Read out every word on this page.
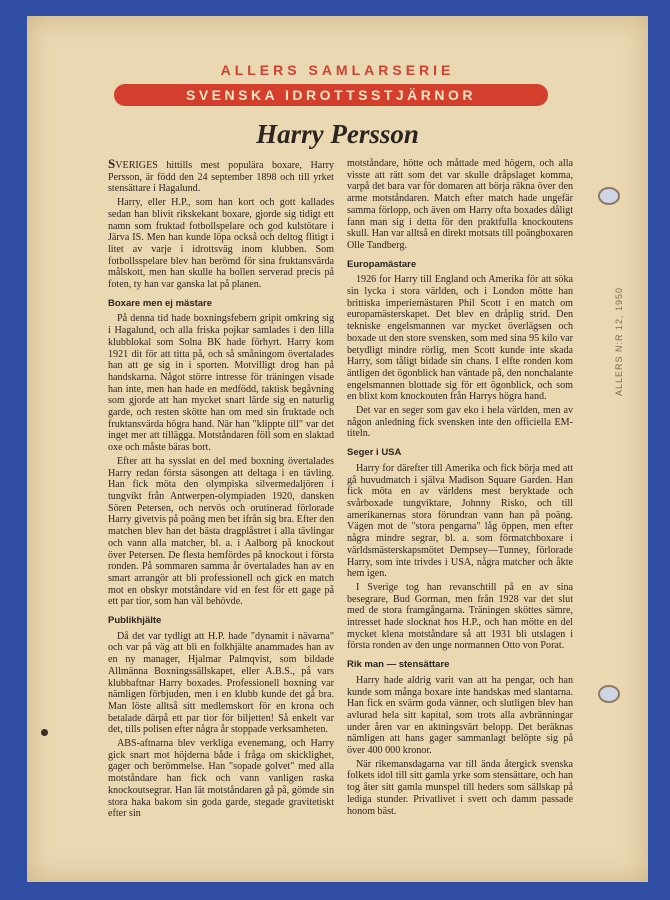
ALLERS SAMLARSERIE
SVENSKA IDROTTSSTJÄRNOR
Harry Persson

SVERIGES hittills mest populära boxare, Harry Persson, är född den 24 september 1898 och till yrket stensättare i Hagalund.

Harry, eller H.P., som han kort och gott kallades sedan han blivit rikskekant boxare, gjorde sig tidigt ett namn som fruktad fotbollspelare och god kulstötare i Järva IS. Men han kunde löpa också och deltog flitigt i litet av varje i idrottsväg inom klubben. Som fotbollsspelare blev han berömd för sina fruktansvärda målskott, men han skulle ha bollen serverad precis på foten, ty han var ganska lat på planen.

Boxare men ej mästare

På denna tid hade boxningsfebern gripit omkring sig i Hagalund, och alla friska pojkar samlades i den lilla klubblokal som Solna BK hade förhyrt. Harry kom 1921 dit för att titta på, och så småningom övertalades han att ge sig in i sporten. Motvilligt drog han på handskarna. Något större intresse för träningen visade han inte, men han hade en medfödd, taktisk begåvning som gjorde att han mycket snart lärde sig en naturlig garde, och resten skötte han om med sin fruktade och fruktansvärda högra hand. När han "klippte till" var det inget mer att tillägga. Motståndaren föll som en slaktad oxe och måste bäras bort.

Efter att ha sysslat en del med boxning övertalades Harry redan första säsongen att deltaga i en tävling. Han fick möta den olympiska silvermedaljören i tungvikt från Antwerpen-olympiaden 1920, dansken Sören Petersen, och nervös och orutinerad förlorade Harry givetvis på poäng men bet ifrån sig bra. Efter den matchen blev han det bästa dragplåstret i alla tävlingar och vann alla matcher, bl. a. i Aalborg på knockout över Petersen. De flesta hemfördes på knockout i första ronden. På sommaren samma år övertalades han av en smart arrangör att bli professionell och gick en match mot en obskyr motståndare vid en fest för ett gage på ett par tior, som han väl behövde.

Publikhjälte

Då det var tydligt att H.P. hade "dynamit i nävarna" och var på väg att bli en folkhjälte anammades han av en ny manager, Hjalmar Palmqvist, som bildade Allmänna Boxningssällskapet, eller A.B.S., på vars klubbaftnar Harry boxades. Professionell boxning var nämligen förbjuden, men i en klubb kunde det gå bra. Man löste alltså sitt medlemskort för en krona och betalade därpå ett par tior för biljetten! Så enkelt var det, tills polisen efter några år stoppade verksamheten.

ABS-aftnarna blev verkliga evenemang, och Harry gick snart mot höjderna både i fråga om skicklighet, gager och berömmelse. Han "sopade golvet" med alla motståndare han fick och vann vanligen raska knockoutsegrar. Han lät motståndaren gå på, gömde sin stora haka bakom sin goda garde, stegade gravitetiskt efter sin

motståndare, hötte och måttade med högern, och alla visste att rätt som det var skulle dråpslaget komma, varpå det bara var för domaren att börja räkna över den arme motståndaren. Match efter match hade ungefär samma förlopp, och även om Harry ofta boxades dåligt fann man sig i detta för den praktfulla knockoutens skull. Han var alltså en direkt motsats till poängboxaren Olle Tandberg.

Europamästare

1926 for Harry till England och Amerika för att söka sin lycka i stora världen, och i London mötte han brittiska imperiemästaren Phil Scott i en match om europamästerskapet. Det blev en dråplig strid. Den tekniske engelsmannen var mycket överlägsen och boxade ut den store svensken, som med sina 95 kilo var betydligt mindre rörlig, men Scott kunde inte skada Harry, som tåligt bidade sin chans. I elfte ronden kom äntligen det ögonblick han väntade på, den nonchalante engelsmannen blottade sig för ett ögonblick, och som en blixt kom knockouten från Harrys högra hand.

Det var en seger som gav eko i hela världen, men av någon anledning fick svensken inte den officiella EM-titeln.

Seger i USA

Harry for därefter till Amerika och fick börja med att gå huvudmatch i själva Madison Square Garden. Han fick möta en av världens mest beryktade och svårboxade tungviktare, Johnny Risko, och till amerikanernas stora förundran vann han på poäng. Vägen mot de "stora pengarna" låg öppen, men efter några mindre segrar, bl. a. som förmatchboxare i världsmästerskapsmötet Dempsey—Tunney, förlorade Harry, som inte trivdes i USA, några matcher och åkte hem igen.

I Sverige tog han revanschtill på en av sina besegrare, Bud Gorman, men från 1928 var det slut med de stora framgångarna. Träningen sköttes sämre, intresset hade slocknat hos H.P., och han mötte en del mycket klena motståndare så att 1931 bli utslagen i första ronden av den unge normannen Otto von Porat.

Rik man — stensättare

Harry hade aldrig varit van att ha pengar, och han kunde som många boxare inte handskas med slantarna. Han fick en svärm goda vänner, och slutligen blev han avlurad hela sitt kapital, som trots alla avbränningar under åren var en aktningsvärt belopp. Det beräknas nämligen att hans gager sammanlagt belöpte sig på över 400 000 kronor.

När rikemansdagarna var till ända återgick svenska folkets idol till sitt gamla yrke som stensättare, och han tog åter sitt gamla munspel till heders som sällskap på lediga stunder. Privatlivet i svett och damm passade honom bäst.

ALLERS N:R 12, 1950
